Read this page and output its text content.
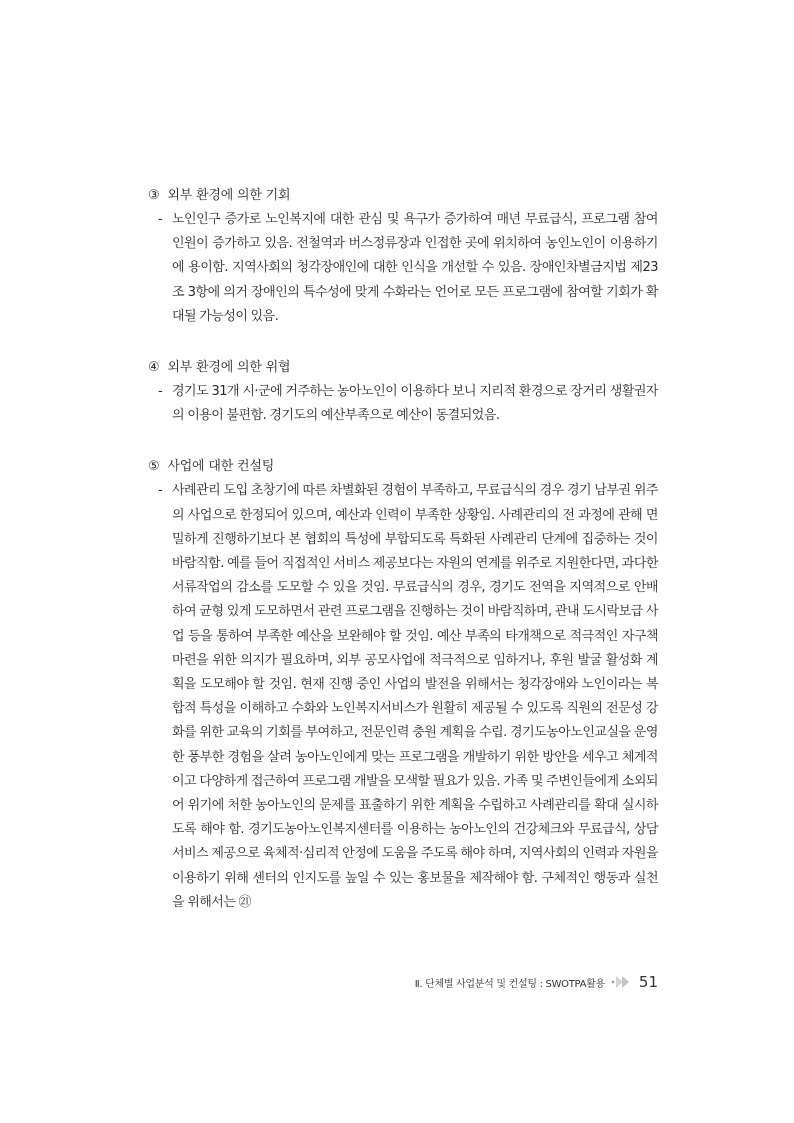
③ 외부 환경에 의한 기회
- 노인인구 증가로 노인복지에 대한 관심 및 욕구가 증가하여 매년 무료급식, 프로그램 참여 인원이 증가하고 있음. 전철역과 버스정류장과 인접한 곳에 위치하여 농인노인이 이용하기에 용이함. 지역사회의 청각장애인에 대한 인식을 개선할 수 있음. 장애인차별금지법 제23조 3항에 의거 장애인의 특수성에 맞게 수화라는 언어로 모든 프로그램에 참여할 기회가 확대될 가능성이 있음.
④ 외부 환경에 의한 위협
- 경기도 31개 시·군에 거주하는 농아노인이 이용하다 보니 지리적 환경으로 장거리 생활권자의 이용이 불편함. 경기도의 예산부족으로 예산이 동결되었음.
⑤ 사업에 대한 컨설팅
- 사례관리 도입 초창기에 따른 차별화된 경험이 부족하고, 무료급식의 경우 경기 남부권 위주의 사업으로 한정되어 있으며, 예산과 인력이 부족한 상황임. 사례관리의 전 과정에 관해 면밀하게 진행하기보다 본 협회의 특성에 부합되도록 특화된 사례관리 단계에 집중하는 것이 바람직함. 예를 들어 직접적인 서비스 제공보다는 자원의 연계를 위주로 지원한다면, 과다한 서류작업의 감소를 도모할 수 있을 것임. 무료급식의 경우, 경기도 전역을 지역적으로 안배하여 균형 있게 도모하면서 관련 프로그램을 진행하는 것이 바람직하며, 관내 도시락보급 사업 등을 통하여 부족한 예산을 보완해야 할 것임. 예산 부족의 타개책으로 적극적인 자구책 마련을 위한 의지가 필요하며, 외부 공모사업에 적극적으로 임하거나, 후원 발굴 활성화 계획을 도모해야 할 것임. 현재 진행 중인 사업의 발전을 위해서는 청각장애와 노인이라는 복합적 특성을 이해하고 수화와 노인복지서비스가 원활히 제공될 수 있도록 직원의 전문성 강화를 위한 교육의 기회를 부여하고, 전문인력 충원 계획을 수립. 경기도농아노인교실을 운영한 풍부한 경험을 살려 농아노인에게 맞는 프로그램을 개발하기 위한 방안을 세우고 체계적이고 다양하게 접근하여 프로그램 개발을 모색할 필요가 있음. 가족 및 주변인들에게 소외되어 위기에 처한 농아노인의 문제를 표출하기 위한 계획을 수립하고 사례관리를 확대 실시하도록 해야 함. 경기도농아노인복지센터를 이용하는 농아노인의 건강체크와 무료급식, 상담서비스 제공으로 육체적·심리적 안정에 도움을 주도록 해야 하며, 지역사회의 인력과 자원을 이용하기 위해 센터의 인지도를 높일 수 있는 홍보물을 제작해야 함. 구체적인 행동과 실천을 위해서는 ㉑
Ⅱ. 단체별 사업분석 및 컨설팅 : SWOTPA활용 51
